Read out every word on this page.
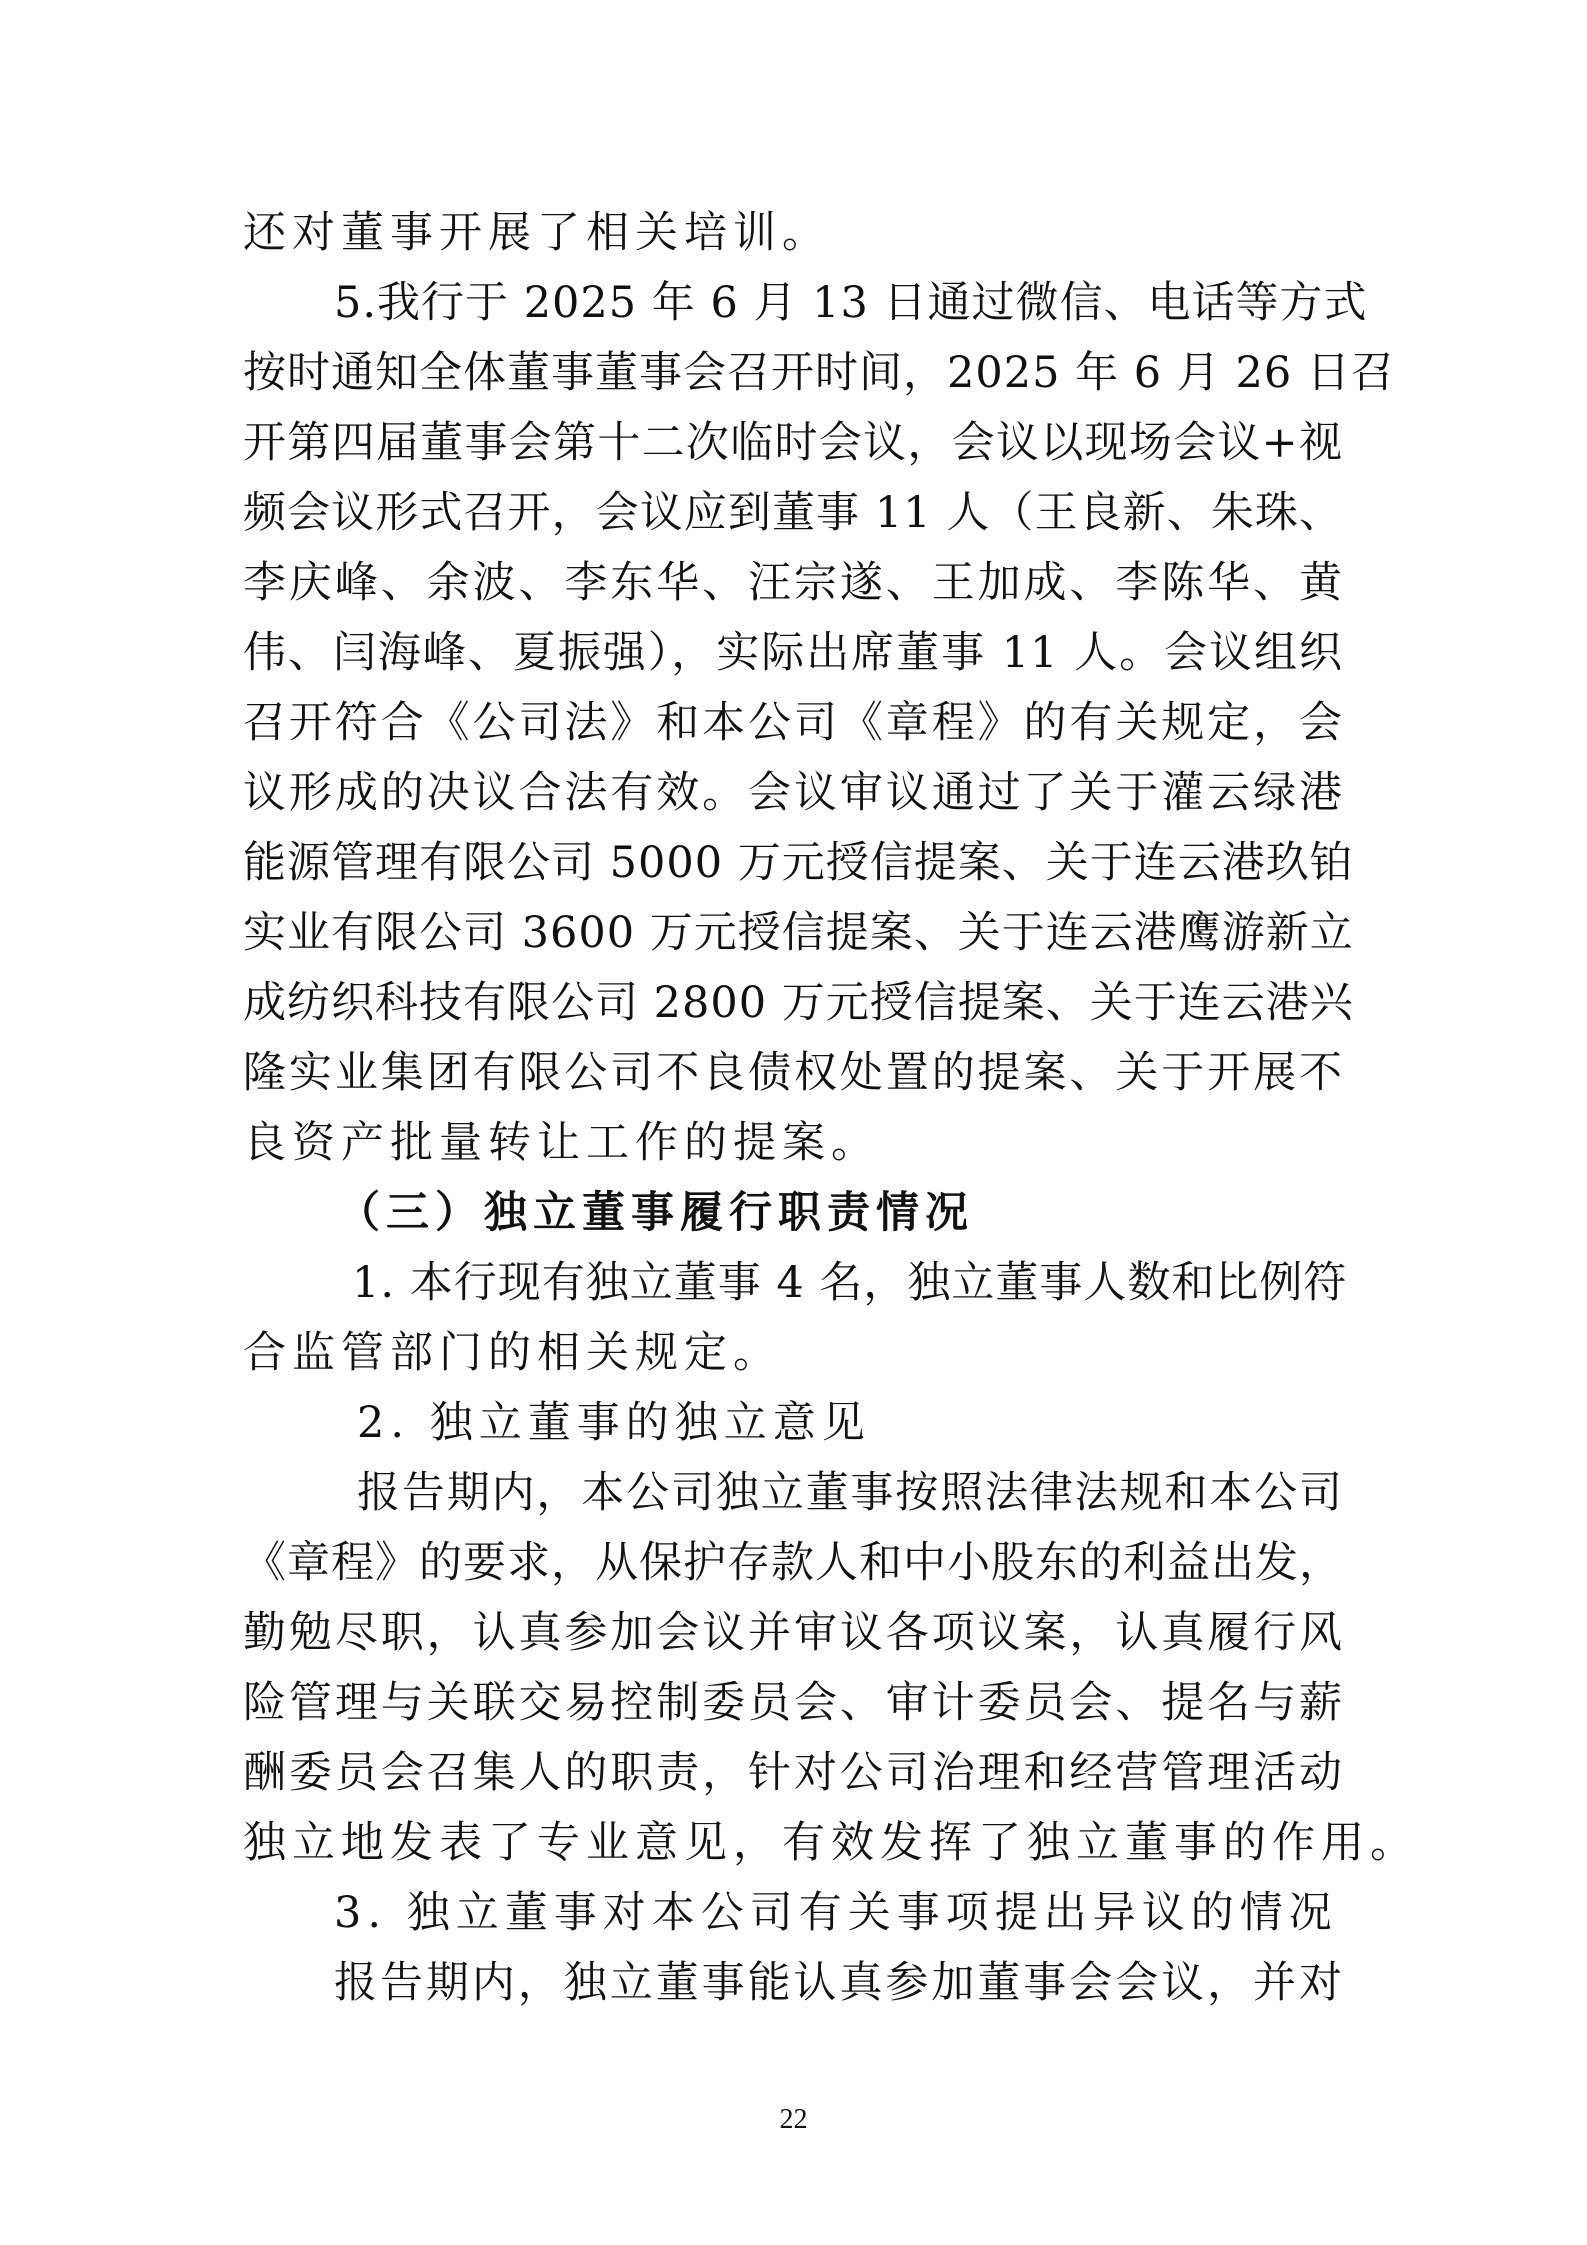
还对董事开展了相关培训。
5.我行于 2025 年 6 月 13 日通过微信、电话等方式
按时通知全体董事董事会召开时间，2025 年 6 月 26 日召
开第四届董事会第十二次临时会议，会议以现场会议+视
频会议形式召开，会议应到董事 11 人（王良新、朱珠、
李庆峰、余波、李东华、汪宗遂、王加成、李陈华、黄
伟、闫海峰、夏振强），实际出席董事 11 人。会议组织
召开符合《公司法》和本公司《章程》的有关规定，会
议形成的决议合法有效。会议审议通过了关于灌云绿港
能源管理有限公司 5000 万元授信提案、关于连云港玖铂
实业有限公司 3600 万元授信提案、关于连云港鹰游新立
成纺织科技有限公司 2800 万元授信提案、关于连云港兴
隆实业集团有限公司不良债权处置的提案、关于开展不
良资产批量转让工作的提案。
（三）独立董事履行职责情况
1. 本行现有独立董事 4 名，独立董事人数和比例符
合监管部门的相关规定。
2. 独立董事的独立意见
报告期内，本公司独立董事按照法律法规和本公司
《章程》的要求，从保护存款人和中小股东的利益出发，
勤勉尽职，认真参加会议并审议各项议案，认真履行风
险管理与关联交易控制委员会、审计委员会、提名与薪
酬委员会召集人的职责，针对公司治理和经营管理活动
独立地发表了专业意见，有效发挥了独立董事的作用。
3. 独立董事对本公司有关事项提出异议的情况
报告期内，独立董事能认真参加董事会会议，并对
22
